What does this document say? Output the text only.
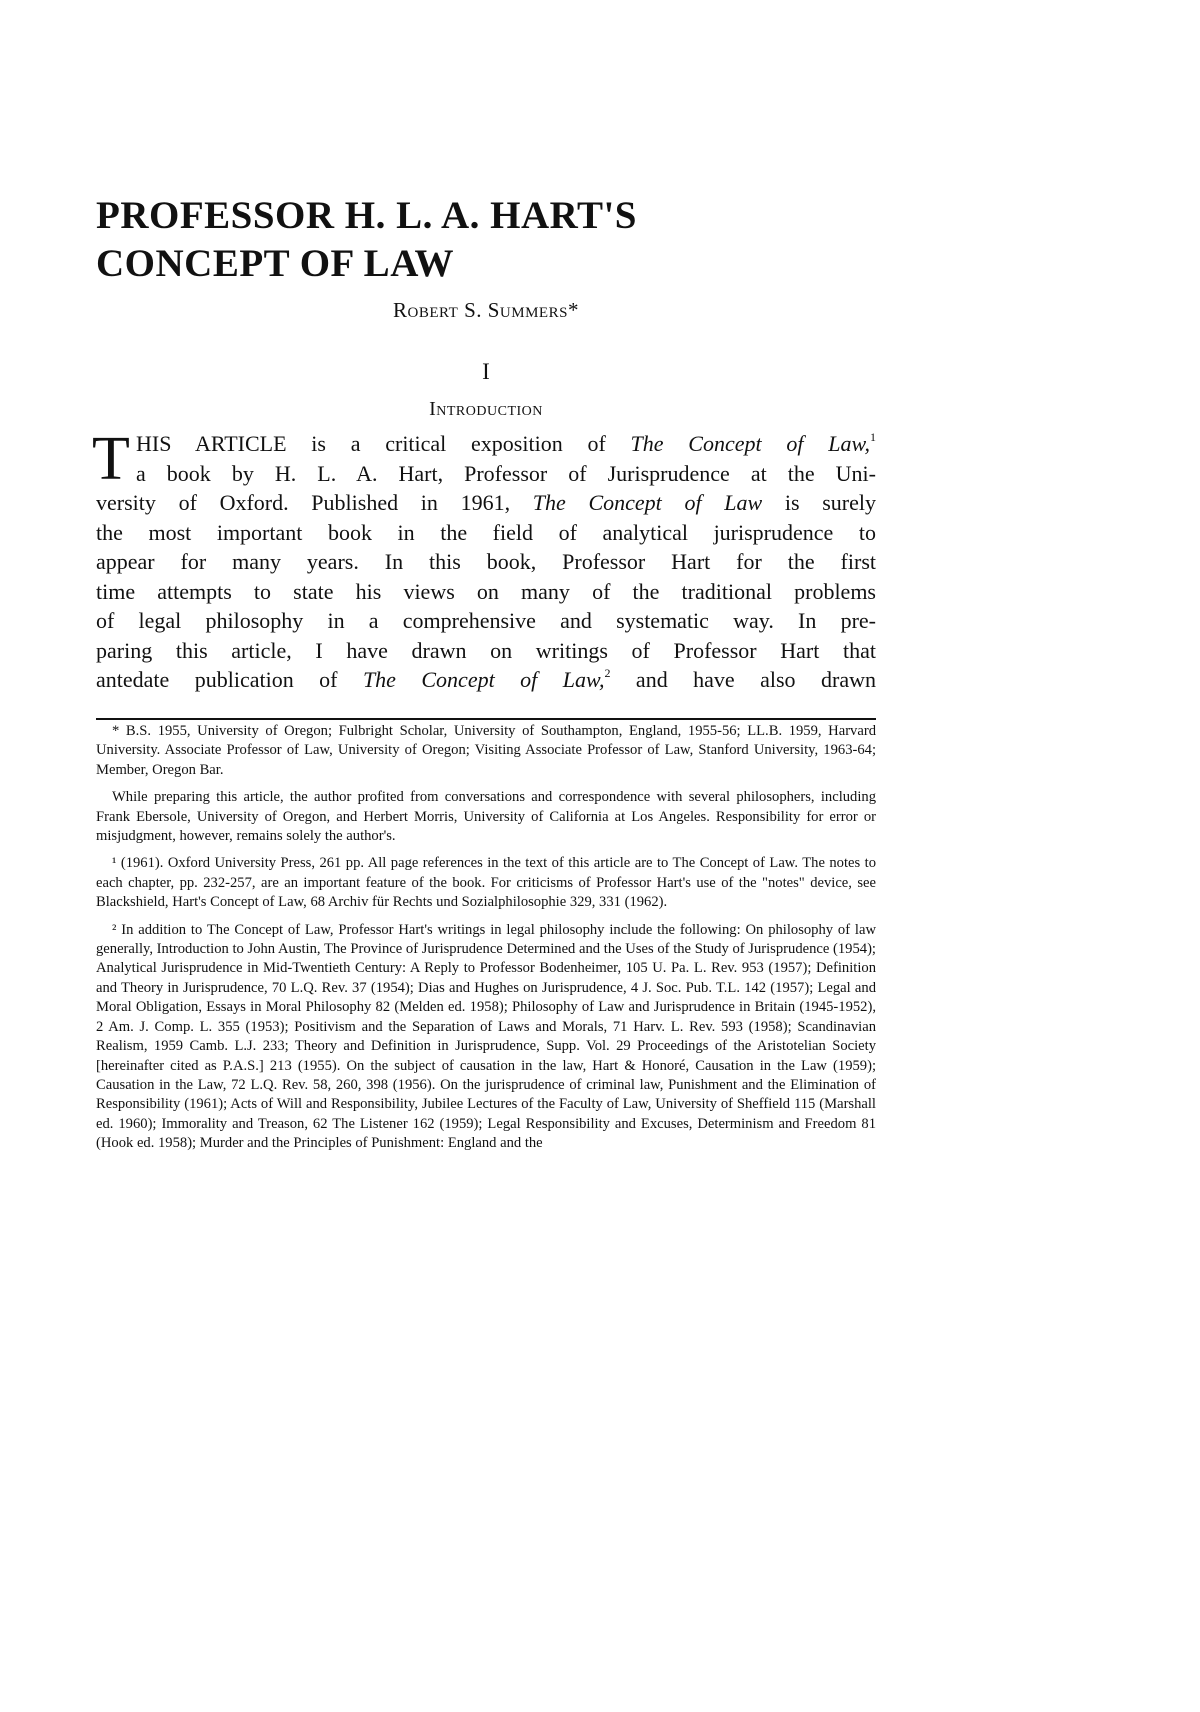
PROFESSOR H. L. A. HART'S
CONCEPT OF LAW
Robert S. Summers*
I
Introduction
T HIS ARTICLE is a critical exposition of The Concept of Law,$^1$
a book by H. L. A. Hart, Professor of Jurisprudence at the Uni-
versity of Oxford. Published in 1961, The Concept of Law is surely
the most important book in the field of analytical jurisprudence to
appear for many years. In this book, Professor Hart for the first
time attempts to state his views on many of the traditional problems
of legal philosophy in a comprehensive and systematic way. In pre-
paring this article, I have drawn on writings of Professor Hart that
antedate publication of The Concept of Law,$^2$ and have also drawn

* B.S. 1955, University of Oregon; Fulbright Scholar, University of Southampton, England, 1955-56; LL.B. 1959, Harvard University. Associate Professor of Law, University of Oregon; Visiting Associate Professor of Law, Stanford University, 1963-64; Member, Oregon Bar.

While preparing this article, the author profited from conversations and correspondence with several philosophers, including Frank Ebersole, University of Oregon, and Herbert Morris, University of California at Los Angeles. Responsibility for error or misjudgment, however, remains solely the author's.

¹ (1961). Oxford University Press, 261 pp. All page references in the text of this article are to The Concept of Law. The notes to each chapter, pp. 232-257, are an important feature of the book. For criticisms of Professor Hart's use of the "notes" device, see Blackshield, Hart's Concept of Law, 68 Archiv für Rechts und Sozialphilosophie 329, 331 (1962).

² In addition to The Concept of Law, Professor Hart's writings in legal philosophy include the following: On philosophy of law generally, Introduction to John Austin, The Province of Jurisprudence Determined and the Uses of the Study of Jurisprudence (1954); Analytical Jurisprudence in Mid-Twentieth Century: A Reply to Professor Bodenheimer, 105 U. Pa. L. Rev. 953 (1957); Definition and Theory in Jurisprudence, 70 L.Q. Rev. 37 (1954); Dias and Hughes on Jurisprudence, 4 J. Soc. Pub. T.L. 142 (1957); Legal and Moral Obligation, Essays in Moral Philosophy 82 (Melden ed. 1958); Philosophy of Law and Jurisprudence in Britain (1945-1952), 2 Am. J. Comp. L. 355 (1953); Positivism and the Separation of Laws and Morals, 71 Harv. L. Rev. 593 (1958); Scandinavian Realism, 1959 Camb. L.J. 233; Theory and Definition in Jurisprudence, Supp. Vol. 29 Proceedings of the Aristotelian Society [hereinafter cited as P.A.S.] 213 (1955). On the subject of causation in the law, Hart & Honoré, Causation in the Law (1959); Causation in the Law, 72 L.Q. Rev. 58, 260, 398 (1956). On the jurisprudence of criminal law, Punishment and the Elimination of Responsibility (1961); Acts of Will and Responsibility, Jubilee Lectures of the Faculty of Law, University of Sheffield 115 (Marshall ed. 1960); Immorality and Treason, 62 The Listener 162 (1959); Legal Responsibility and Excuses, Determinism and Freedom 81 (Hook ed. 1958); Murder and the Principles of Punishment: England and the
